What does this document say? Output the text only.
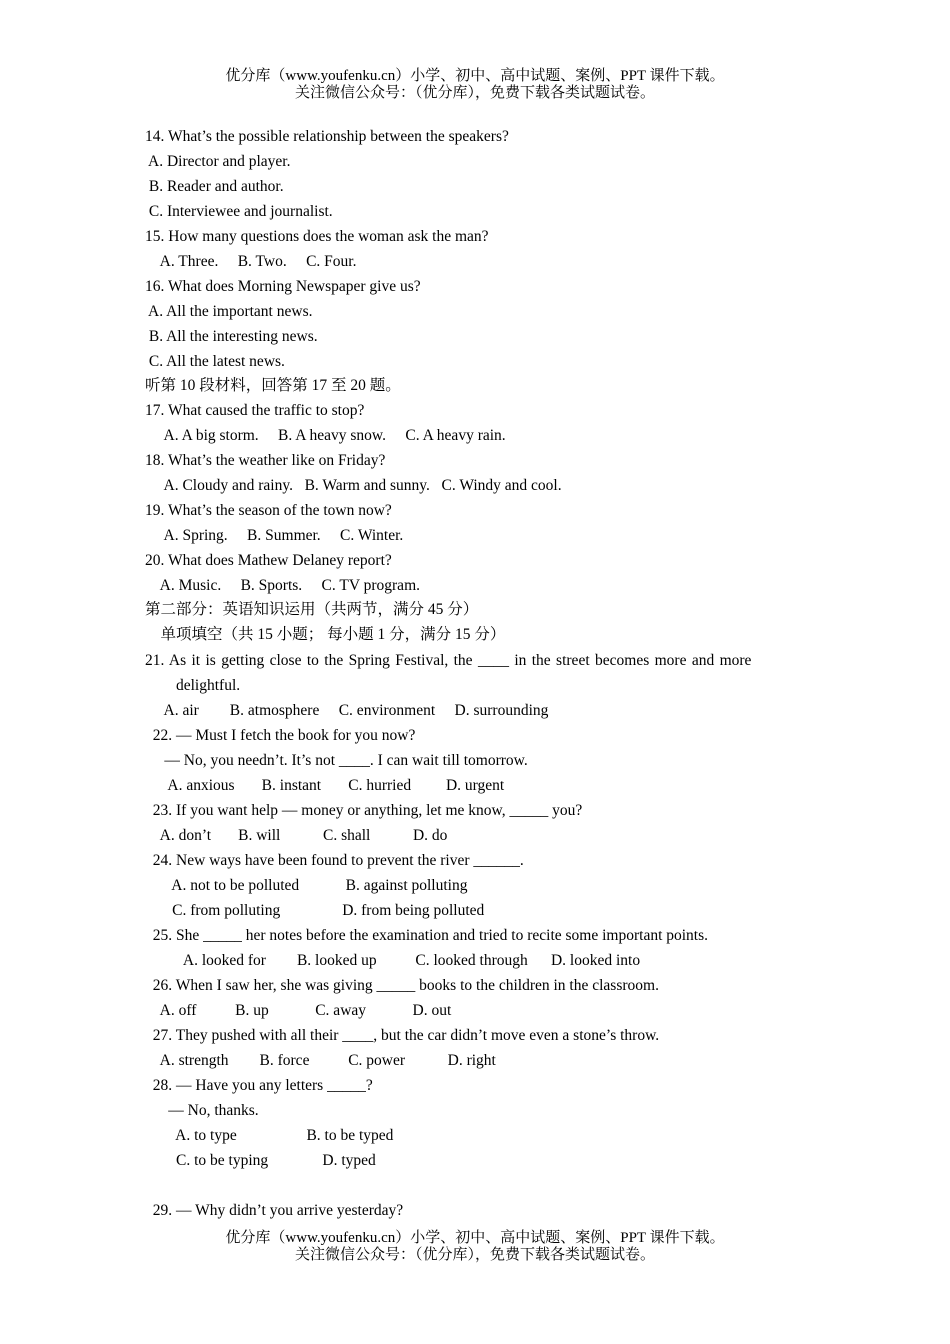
优分库（www.youfenku.cn）小学、初中、高中试题、案例、PPT 课件下载。
关注微信公众号：（优分库），免费下载各类试题试卷。
14. What’s the possible relationship between the speakers?
A. Director and player.
B. Reader and author.
C. Interviewee and journalist.
15. How many questions does the woman ask the man?
A. Three.     B. Two.     C. Four.
16. What does Morning Newspaper give us?
A. All the important news.
B. All the interesting news.
C. All the latest news.
听第 10 段材料，回答第 17 至 20 题。
17. What caused the traffic to stop?
A. A big storm.     B. A heavy snow.     C. A heavy rain.
18. What’s the weather like on Friday?
A. Cloudy and rainy.   B. Warm and sunny.   C. Windy and cool.
19. What’s the season of the town now?
A. Spring.     B. Summer.     C. Winter.
20. What does Mathew Delaney report?
A. Music.     B. Sports.     C. TV program.
第二部分：英语知识运用（共两节，满分 45 分）
单项填空（共 15 小题； 每小题 1 分，满分 15 分）
21. As it is getting close to the Spring Festival, the ____ in the street becomes more and more
delightful.
A. air        B. atmosphere     C. environment     D. surrounding
22. — Must I fetch the book for you now?
— No, you needn’t. It’s not ____. I can wait till tomorrow.
A. anxious       B. instant       C. hurried         D. urgent
23. If you want help — money or anything, let me know, _____ you?
A. don’t       B. will           C. shall           D. do
24. New ways have been found to prevent the river ______.
A. not to be polluted            B. against polluting
C. from polluting                D. from being polluted
25. She _____ her notes before the examination and tried to recite some important points.
A. looked for        B. looked up          C. looked through      D. looked into
26. When I saw her, she was giving _____ books to the children in the classroom.
A. off          B. up            C. away            D. out
27. They pushed with all their ____, but the car didn’t move even a stone’s throw.
A. strength        B. force          C. power           D. right
28. — Have you any letters _____?
— No, thanks.
A. to type                  B. to be typed
C. to be typing              D. typed
29. — Why didn’t you arrive yesterday?
优分库（www.youfenku.cn）小学、初中、高中试题、案例、PPT 课件下载。
关注微信公众号：（优分库），免费下载各类试题试卷。
